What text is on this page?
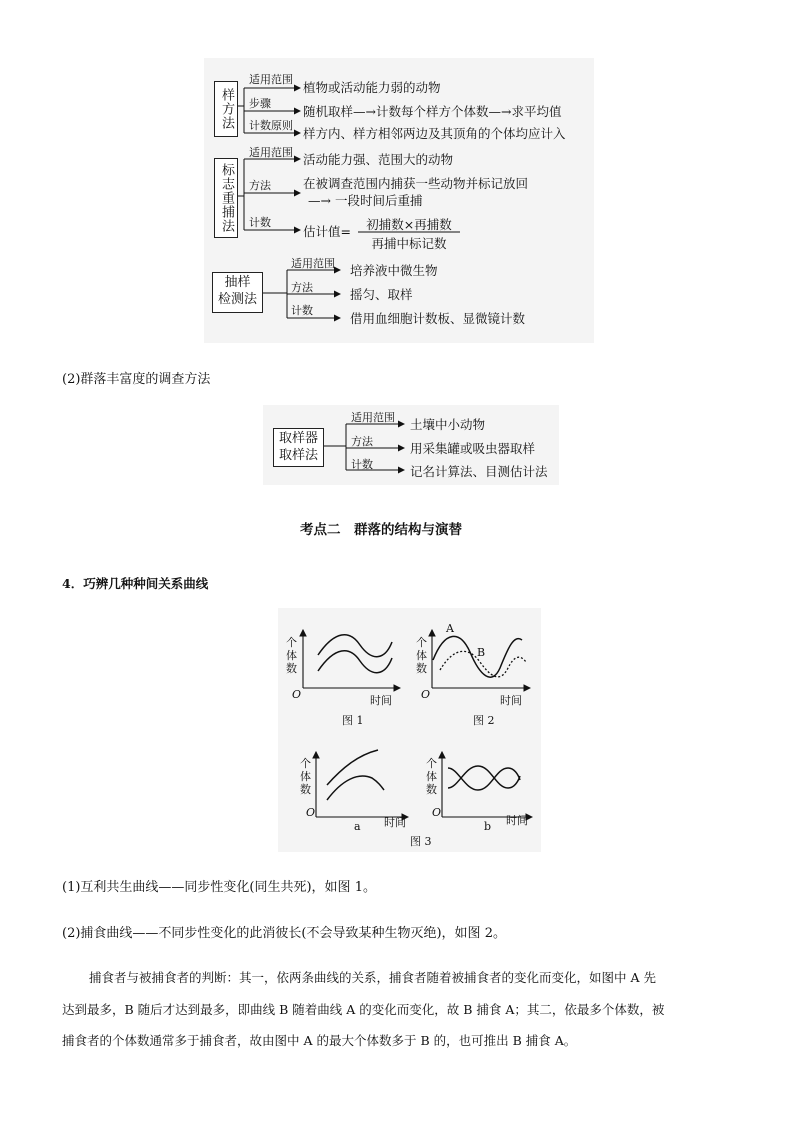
样方法
适用范围
植物或活动能力弱的动物
步骤
随机取样—→计数每个样方个体数—→求平均值
计数原则
样方内、样方相邻两边及其顶角的个体均应计入
标志重捕法
适用范围 活动能力强、范围大的动物
方法	在被调查范围内捕获一些动物并标记放回
—→ 一段时间后重捕
计数
估计值=	初捕数×再捕数
再捕中标记数
抽样
检测法
适用范围 培养液中微生物
方法	摇匀、取样
计数
借用血细胞计数板、显微镜计数
(2)群落丰富度的调查方法
取样器
取样法
适用范围 土壤中小动物
方法	用采集罐或吸虫器取样
计数	记名计算法、目测估计法
考点二　群落的结构与演替
4．巧辨几种种间关系曲线
个
体
数
O	时间
图 1
个
体
数
O	时间
图 2
A
B
个
体
数
O
a 时间
个
体
数
O
b 时间
图 3
(1)互利共生曲线——同步性变化(同生共死)，如图 1。
(2)捕食曲线——不同步性变化的此消彼长(不会导致某种生物灭绝)，如图 2。
捕食者与被捕食者的判断：其一，依两条曲线的关系，捕食者随着被捕食者的变化而变化，如图中 A 先
达到最多，B 随后才达到最多，即曲线 B 随着曲线 A 的变化而变化，故 B 捕食 A；其二，依最多个体数，被
捕食者的个体数通常多于捕食者，故由图中 A 的最大个体数多于 B 的，也可推出 B 捕食 A。
